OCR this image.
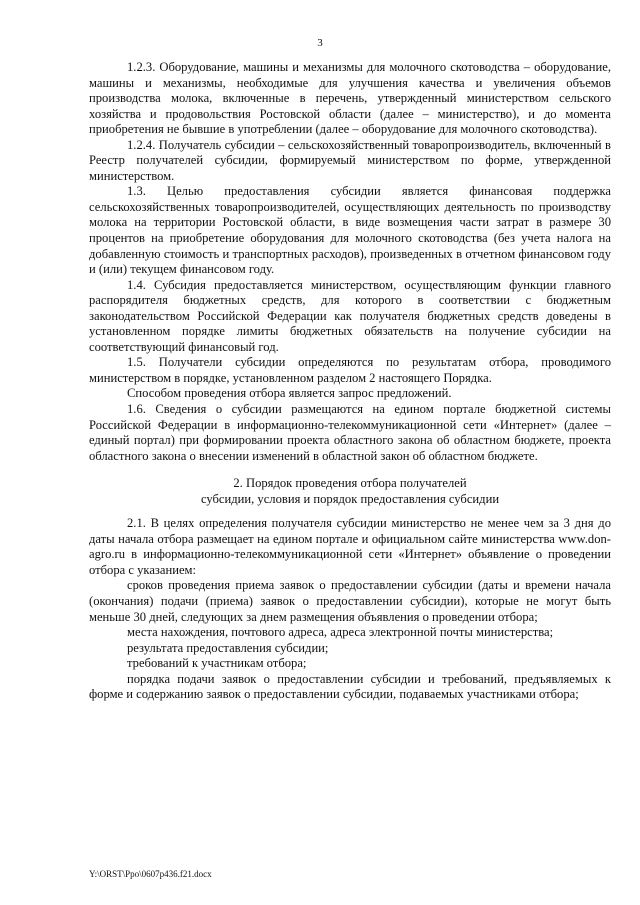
3

1.2.3. Оборудование, машины и механизмы для молочного скотоводства – оборудование, машины и механизмы, необходимые для улучшения качества и увеличения объемов производства молока, включенные в перечень, утвержденный министерством сельского хозяйства и продовольствия Ростовской области (далее – министерство), и до момента приобретения не бывшие в употреблении (далее – оборудование для молочного скотоводства).

1.2.4. Получатель субсидии – сельскохозяйственный товаропроизводитель, включенный в Реестр получателей субсидии, формируемый министерством по форме, утвержденной министерством.

1.3. Целью предоставления субсидии является финансовая поддержка сельскохозяйственных товаропроизводителей, осуществляющих деятельность по производству молока на территории Ростовской области, в виде возмещения части затрат в размере 30 процентов на приобретение оборудования для молочного скотоводства (без учета налога на добавленную стоимость и транспортных расходов), произведенных в отчетном финансовом году и (или) текущем финансовом году.

1.4. Субсидия предоставляется министерством, осуществляющим функции главного распорядителя бюджетных средств, для которого в соответствии с бюджетным законодательством Российской Федерации как получателя бюджетных средств доведены в установленном порядке лимиты бюджетных обязательств на получение субсидии на соответствующий финансовый год.

1.5. Получатели субсидии определяются по результатам отбора, проводимого министерством в порядке, установленном разделом 2 настоящего Порядка.

Способом проведения отбора является запрос предложений.

1.6. Сведения о субсидии размещаются на едином портале бюджетной системы Российской Федерации в информационно-телекоммуникационной сети «Интернет» (далее – единый портал) при формировании проекта областного закона об областном бюджете, проекта областного закона о внесении изменений в областной закон об областном бюджете.

2. Порядок проведения отбора получателей
субсидии, условия и порядок предоставления субсидии

2.1. В целях определения получателя субсидии министерство не менее чем за 3 дня до даты начала отбора размещает на едином портале и официальном сайте министерства www.don-agro.ru в информационно-телекоммуникационной сети «Интернет» объявление о проведении отбора с указанием:

сроков проведения приема заявок о предоставлении субсидии (даты и времени начала (окончания) подачи (приема) заявок о предоставлении субсидии), которые не могут быть меньше 30 дней, следующих за днем размещения объявления о проведении отбора;

места нахождения, почтового адреса, адреса электронной почты министерства;

результата предоставления субсидии;

требований к участникам отбора;

порядка подачи заявок о предоставлении субсидии и требований, предъявляемых к форме и содержанию заявок о предоставлении субсидии, подаваемых участниками отбора;

Y:\ORST\Ppo\0607p436.f21.docx
